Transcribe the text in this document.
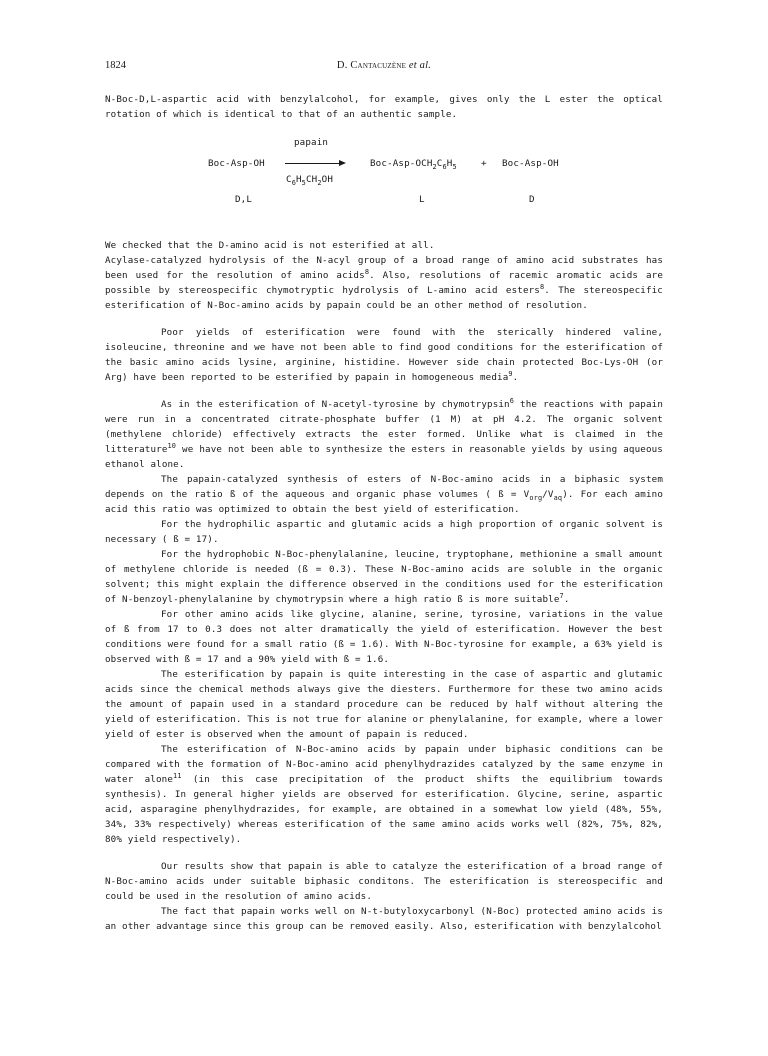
1824	D. Cantacuzène et al.

N-Boc-D,L-aspartic acid with benzylalcohol, for example, gives only the L ester the optical rotation of which is identical to that of an authentic sample.

Boc-Asp-OH
D,L
papain
$C_6H_5CH_2OH$
Boc-$Asp-OCH_2C_6H_5$
L
+ Boc-Asp-OH
D

We checked that the D-amino acid is not esterified at all.

Acylase-catalyzed hydrolysis of the N-acyl group of a broad range of amino acid substrates has been used for the resolution of amino acids$^8$. Also, resolutions of racemic aromatic acids are possible by stereospecific chymotryptic hydrolysis of L-amino acid esters$^8$. The stereospecific esterification of N-Boc-amino acids by papain could be an other method of resolution.

Poor yields of esterification were found with the sterically hindered valine, isoleucine, threonine and we have not been able to find good conditions for the esterification of the basic amino acids lysine, arginine, histidine. However side chain protected Boc-Lys-OH (or Arg) have been reported to be esterified by papain in homogeneous media$^9$.

As in the esterification of N-acetyl-tyrosine by chymotrypsin$^6$ the reactions with papain were run in a concentrated citrate-phosphate buffer (1 M) at pH 4.2. The organic solvent (methylene chloride) effectively extracts the ester formed. Unlike what is claimed in the litterature$^{10}$ we have not been able to synthesize the esters in reasonable yields by using aqueous ethanol alone.

The papain-catalyzed synthesis of esters of N-Boc-amino acids in a biphasic system depends on the ratio ß of the aqueous and organic phase volumes ( ß = $V_{org}/V_{aq}$). For each amino acid this ratio was optimized to obtain the best yield of esterification.

For the hydrophilic aspartic and glutamic acids a high proportion of organic solvent is necessary ( ß = 17).

For the hydrophobic N-Boc-phenylalanine, leucine, tryptophane, methionine a small amount of methylene chloride is needed (ß = 0.3). These N-Boc-amino acids are soluble in the organic solvent; this might explain the difference observed in the conditions used for the esterification of N-benzoyl-phenylalanine by chymotrypsin where a high ratio ß is more suitable$^7$.

For other amino acids like glycine, alanine, serine, tyrosine, variations in the value of ß from 17 to 0.3 does not alter dramatically the yield of esterification. However the best conditions were found for a small ratio (ß = 1.6). With N-Boc-tyrosine for example, a 63% yield is observed with ß = 17 and a 90% yield with ß = 1.6.

The esterification by papain is quite interesting in the case of aspartic and glutamic acids since the chemical methods always give the diesters. Furthermore for these two amino acids the amount of papain used in a standard procedure can be reduced by half without altering the yield of esterification. This is not true for alanine or phenylalanine, for example, where a lower yield of ester is observed when the amount of papain is reduced.

The esterification of N-Boc-amino acids by papain under biphasic conditions can be compared with the formation of N-Boc-amino acid phenylhydrazides catalyzed by the same enzyme in water alone$^{11}$ (in this case precipitation of the product shifts the equilibrium towards synthesis). In general higher yields are observed for esterification. Glycine, serine, aspartic acid, asparagine phenylhydrazides, for example, are obtained in a somewhat low yield (48%, 55%, 34%, 33% respectively) whereas esterification of the same amino acids works well (82%, 75%, 82%, 80% yield respectively).

Our results show that papain is able to catalyze the esterification of a broad range of N-Boc-amino acids under suitable biphasic conditons. The esterification is stereospecific and could be used in the resolution of amino acids.

The fact that papain works well on N-t-butyloxycarbonyl (N-Boc) protected amino acids is an other advantage since this group can be removed easily. Also, esterification with benzylalcohol
